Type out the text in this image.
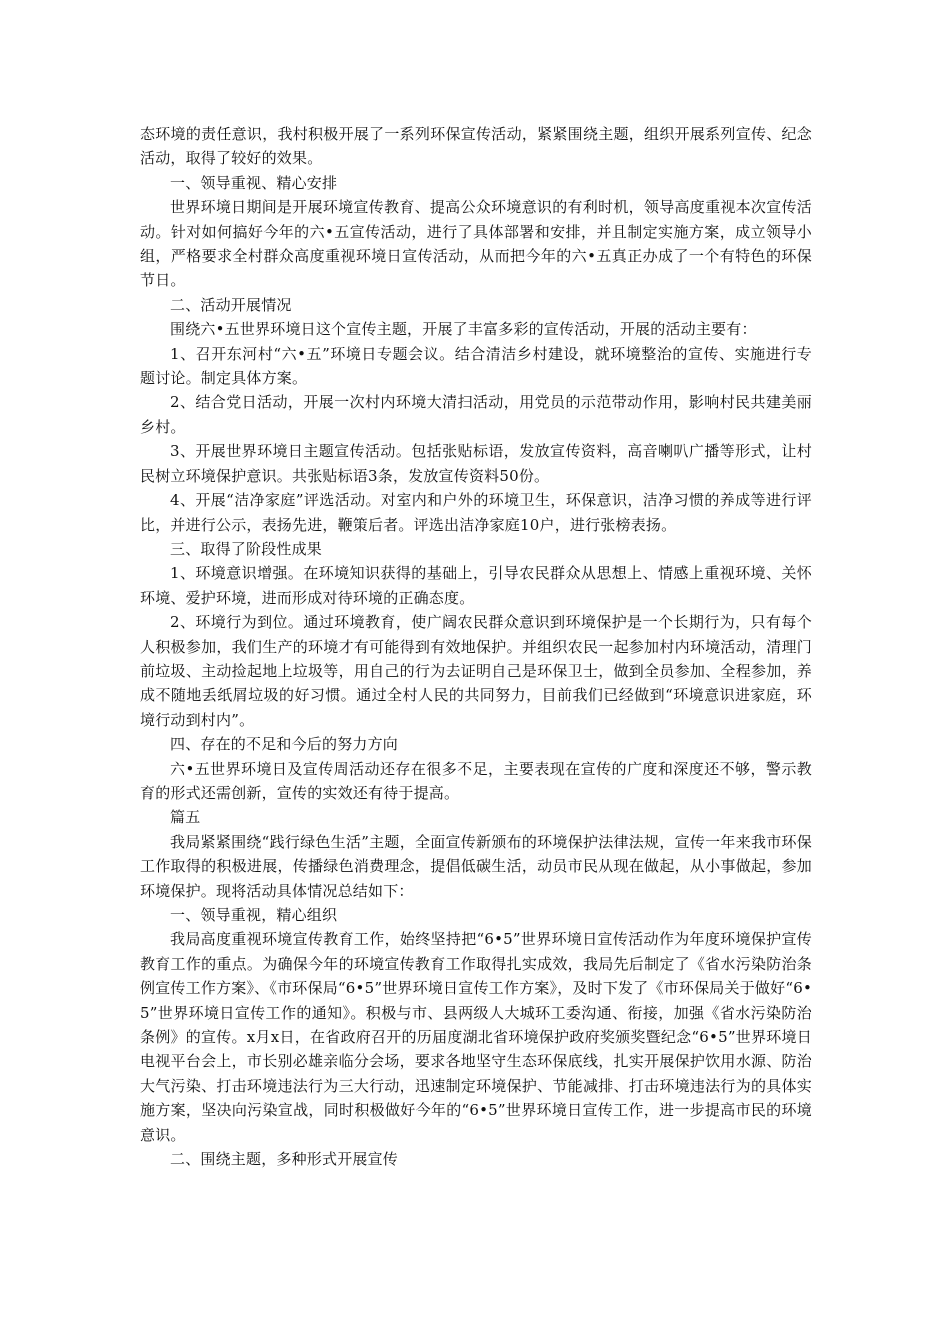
态环境的责任意识，我村积极开展了一系列环保宣传活动，紧紧围绕主题，组织开展系列宣传、纪念活动，取得了较好的效果。

一、领导重视、精心安排

世界环境日期间是开展环境宣传教育、提高公众环境意识的有利时机，领导高度重视本次宣传活动。针对如何搞好今年的六•五宣传活动，进行了具体部署和安排，并且制定实施方案，成立领导小组，严格要求全村群众高度重视环境日宣传活动，从而把今年的六•五真正办成了一个有特色的环保节日。

二、活动开展情况

围绕六•五世界环境日这个宣传主题，开展了丰富多彩的宣传活动，开展的活动主要有：

1、召开东河村“六•五”环境日专题会议。结合清洁乡村建设，就环境整治的宣传、实施进行专题讨论。制定具体方案。

2、结合党日活动，开展一次村内环境大清扫活动，用党员的示范带动作用，影响村民共建美丽乡村。

3、开展世界环境日主题宣传活动。包括张贴标语，发放宣传资料，高音喇叭广播等形式，让村民树立环境保护意识。共张贴标语3条，发放宣传资料50份。

4、开展“洁净家庭”评选活动。对室内和户外的环境卫生，环保意识，洁净习惯的养成等进行评比，并进行公示，表扬先进，鞭策后者。评选出洁净家庭10户，进行张榜表扬。

三、取得了阶段性成果

1、环境意识增强。在环境知识获得的基础上，引导农民群众从思想上、情感上重视环境、关怀环境、爱护环境，进而形成对待环境的正确态度。

2、环境行为到位。通过环境教育，使广阔农民群众意识到环境保护是一个长期行为，只有每个人积极参加，我们生产的环境才有可能得到有效地保护。并组织农民一起参加村内环境活动，清理门前垃圾、主动捡起地上垃圾等，用自己的行为去证明自己是环保卫士，做到全员参加、全程参加，养成不随地丢纸屑垃圾的好习惯。通过全村人民的共同努力，目前我们已经做到“环境意识进家庭，环境行动到村内”。

四、存在的不足和今后的努力方向

六•五世界环境日及宣传周活动还存在很多不足，主要表现在宣传的广度和深度还不够，警示教育的形式还需创新，宣传的实效还有待于提高。

篇五

我局紧紧围绕“践行绿色生活”主题，全面宣传新颁布的环境保护法律法规，宣传一年来我市环保工作取得的积极进展，传播绿色消费理念，提倡低碳生活，动员市民从现在做起，从小事做起，参加环境保护。现将活动具体情况总结如下：

一、领导重视，精心组织

我局高度重视环境宣传教育工作，始终坚持把“6•5”世界环境日宣传活动作为年度环境保护宣传教育工作的重点。为确保今年的环境宣传教育工作取得扎实成效，我局先后制定了《省水污染防治条例宣传工作方案》、《市环保局“6•5”世界环境日宣传工作方案》，及时下发了《市环保局关于做好“6•5”世界环境日宣传工作的通知》。积极与市、县两级人大城环工委沟通、衔接，加强《省水污染防治条例》的宣传。x月x日，在省政府召开的历届度湖北省环境保护政府奖颁奖暨纪念“6•5”世界环境日电视平台会上，市长别必雄亲临分会场，要求各地坚守生态环保底线，扎实开展保护饮用水源、防治大气污染、打击环境违法行为三大行动，迅速制定环境保护、节能减排、打击环境违法行为的具体实施方案，坚决向污染宣战，同时积极做好今年的“6•5”世界环境日宣传工作，进一步提高市民的环境意识。

二、围绕主题，多种形式开展宣传
